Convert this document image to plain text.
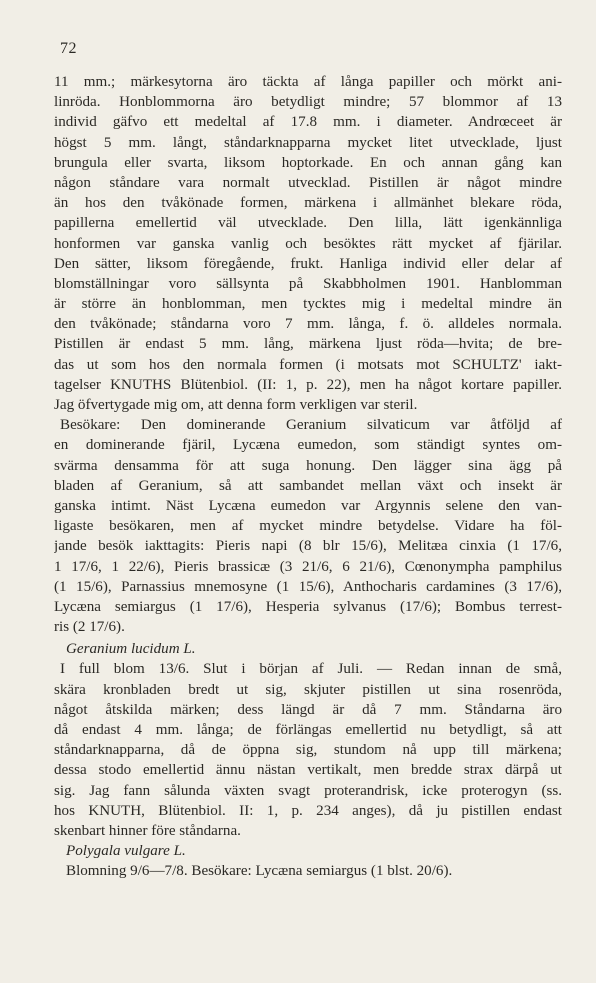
72
11 mm.; märkesytorna äro täckta af långa papiller och mörkt ani-
linröda. Honblommorna äro betydligt mindre; 57 blommor af 13
individ gäfvo ett medeltal af 17.8 mm. i diameter. Andrœceet är
högst 5 mm. långt, ståndarknapparna mycket litet utvecklade, ljust
brungula eller svarta, liksom hoptorkade. En och annan gång kan
någon ståndare vara normalt utvecklad. Pistillen är något mindre
än hos den tvåkönade formen, märkena i allmänhet blekare röda,
papillerna emellertid väl utvecklade. Den lilla, lätt igenkännliga
honformen var ganska vanlig och besöktes rätt mycket af fjärilar.
Den sätter, liksom föregående, frukt. Hanliga individ eller delar af
blomställningar voro sällsynta på Skabbholmen 1901. Hanblomman
är större än honblomman, men tycktes mig i medeltal mindre än
den tvåkönade; ståndarna voro 7 mm. långa, f. ö. alldeles normala.
Pistillen är endast 5 mm. lång, märkena ljust röda—hvita; de bre-
das ut som hos den normala formen (i motsats mot SCHULTZ' iakt-
tagelser KNUTHS Blütenbiol. (II: 1, p. 22), men ha något kortare papiller.
Jag öfvertygade mig om, att denna form verkligen var steril.
Besökare: Den dominerande Geranium silvaticum var åtföljd af
en dominerande fjäril, Lycæna eumedon, som ständigt syntes om-
svärma densamma för att suga honung. Den lägger sina ägg på
bladen af Geranium, så att sambandet mellan växt och insekt är
ganska intimt. Näst Lycæna eumedon var Argynnis selene den van-
ligaste besökaren, men af mycket mindre betydelse. Vidare ha föl-
jande besök iakttagits: Pieris napi (8 blr 15/6), Melitæa cinxia (1 17/6,
1 17/6, 1 22/6), Pieris brassicæ (3 21/6, 6 21/6), Cœnonympha pamphilus
(1 15/6), Parnassius mnemosyne (1 15/6), Anthocharis cardamines (3 17/6),
Lycæna semiargus (1 17/6), Hesperia sylvanus (17/6); Bombus terrest-
ris (2 17/6).
Geranium lucidum L.
I full blom 13/6. Slut i början af Juli. — Redan innan de små,
skära kronbladen bredt ut sig, skjuter pistillen ut sina rosenröda,
något åtskilda märken; dess längd är då 7 mm. Ståndarna äro
då endast 4 mm. långa; de förlängas emellertid nu betydligt, så att
ståndarknapparna, då de öppna sig, stundom nå upp till märkena;
dessa stodo emellertid ännu nästan vertikalt, men bredde strax därpå ut
sig. Jag fann sålunda växten svagt proterandrisk, icke proterogyn (ss.
hos KNUTH, Blütenbiol. II: 1, p. 234 anges), då ju pistillen endast
skenbart hinner före ståndarna.
Polygala vulgare L.
Blomning 9/6—7/8. Besökare: Lycæna semiargus (1 blst. 20/6).
